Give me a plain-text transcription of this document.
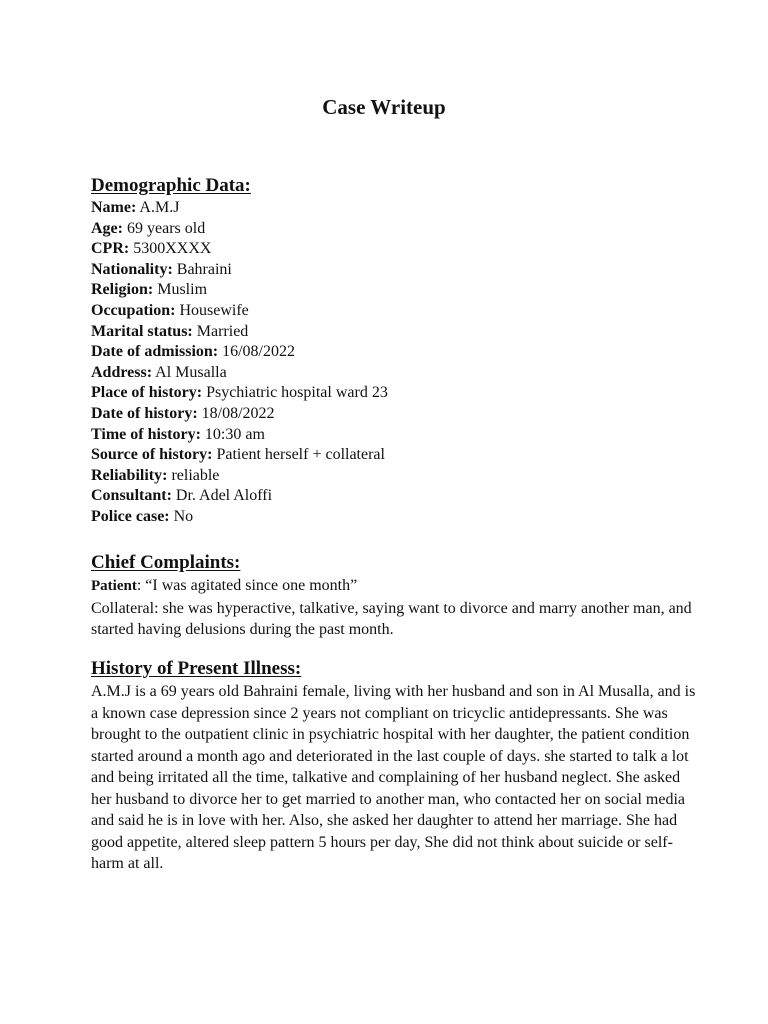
Case Writeup
Demographic Data:
Name: A.M.J
Age: 69 years old
CPR: 5300XXXX
Nationality: Bahraini
Religion: Muslim
Occupation: Housewife
Marital status: Married
Date of admission: 16/08/2022
Address: Al Musalla
Place of history: Psychiatric hospital ward 23
Date of history: 18/08/2022
Time of history: 10:30 am
Source of history: Patient herself + collateral
Reliability: reliable
Consultant: Dr. Adel Aloffi
Police case: No
Chief Complaints:
Patient: “I was agitated since one month”
Collateral: she was hyperactive, talkative, saying want to divorce and marry another man, and started having delusions during the past month.
History of Present Illness:
A.M.J is a 69 years old Bahraini female, living with her husband and son in Al Musalla, and is a known case depression since 2 years not compliant on tricyclic antidepressants. She was brought to the outpatient clinic in psychiatric hospital with her daughter, the patient condition started around a month ago and deteriorated in the last couple of days. she started to talk a lot and being irritated all the time, talkative and complaining of her husband neglect. She asked her husband to divorce her to get married to another man, who contacted her on social media and said he is in love with her. Also, she asked her daughter to attend her marriage. She had good appetite, altered sleep pattern 5 hours per day, She did not think about suicide or self-harm at all.
